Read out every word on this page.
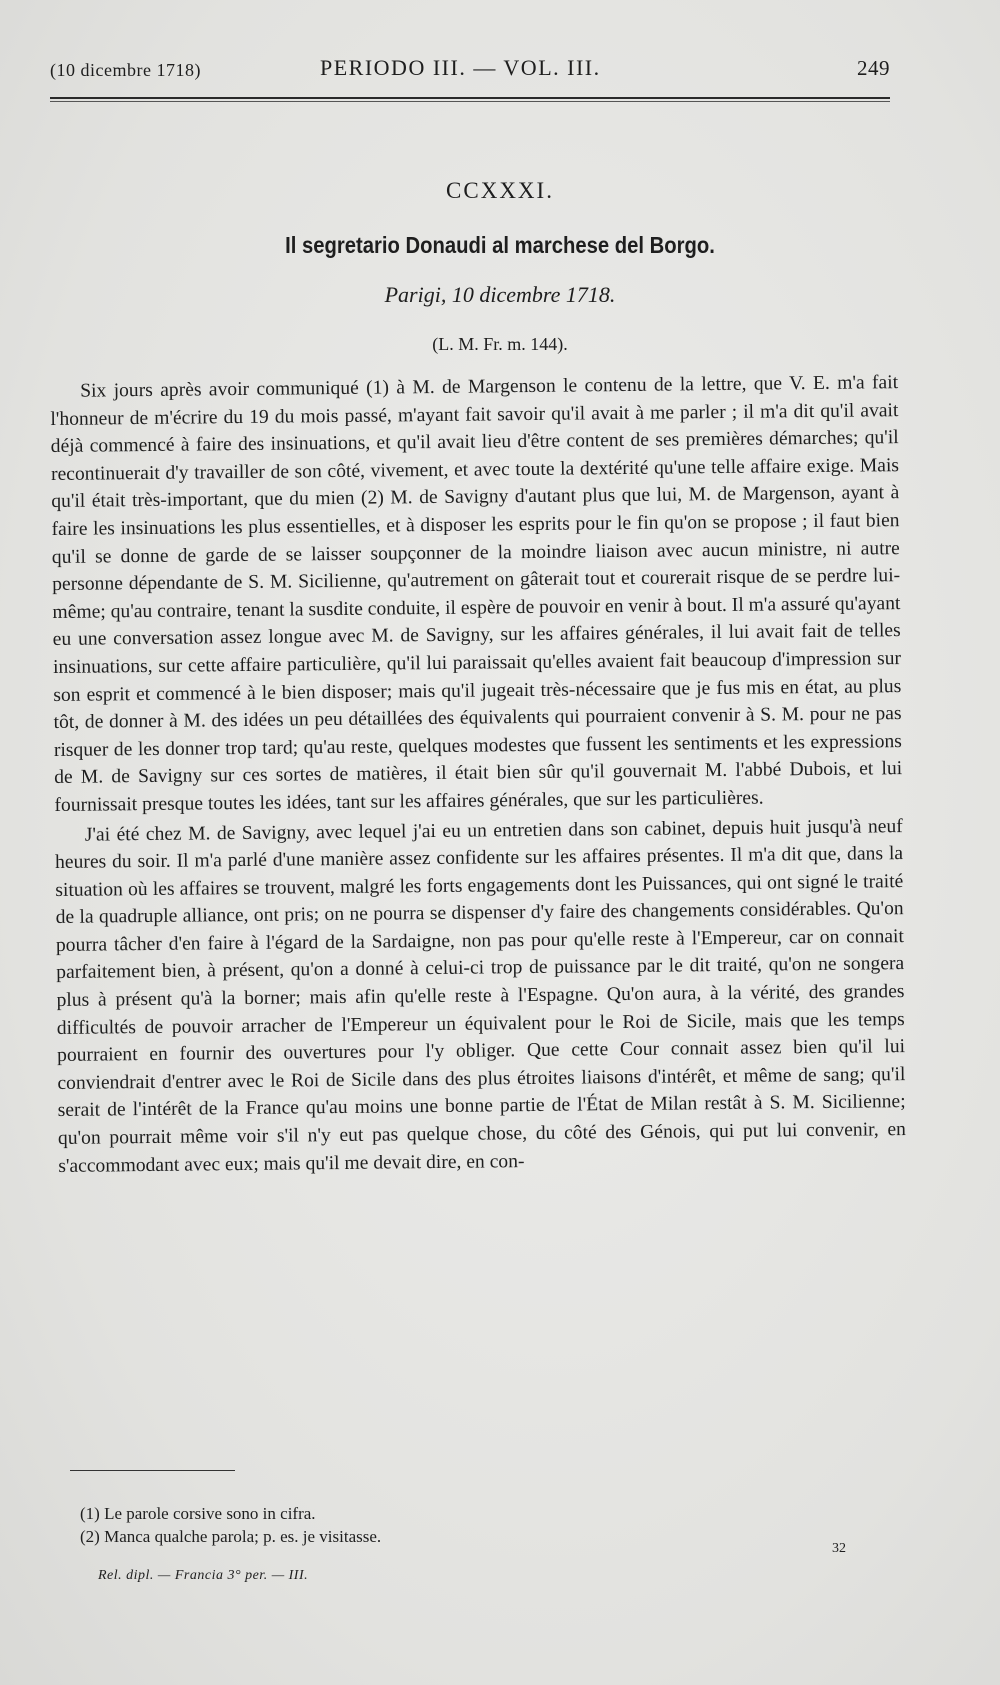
(10 dicembre 1718)	PERIODO III. — VOL. III.	249
CCXXXI.
Il segretario Donaudi al marchese del Borgo.
Parigi, 10 dicembre 1718.
(L. M. Fr. m. 144).

Six jours après avoir communiqué (1) à M. de Margenson le contenu de la lettre, que V. E. m'a fait l'honneur de m'écrire du 19 du mois passé, m'ayant fait savoir qu'il avait à me parler ; il m'a dit qu'il avait déjà commencé à faire des insinuations, et qu'il avait lieu d'être content de ses premières démarches; qu'il recontinuerait d'y travailler de son côté, vivement, et avec toute la dextérité qu'une telle affaire exige. Mais qu'il était très-important, que du mien (2) M. de Savigny d'autant plus que lui, M. de Margenson, ayant à faire les insinuations les plus essentielles, et à disposer les esprits pour le fin qu'on se propose ; il faut bien qu'il se donne de garde de se laisser soupçonner de la moindre liaison avec aucun ministre, ni autre personne dépendante de S. M. Sicilienne, qu'autrement on gâterait tout et courerait risque de se perdre lui-même; qu'au contraire, tenant la susdite conduite, il espère de pouvoir en venir à bout. Il m'a assuré qu'ayant eu une conversation assez longue avec M. de Savigny, sur les affaires générales, il lui avait fait de telles insinuations, sur cette affaire particulière, qu'il lui paraissait qu'elles avaient fait beaucoup d'impression sur son esprit et commencé à le bien disposer; mais qu'il jugeait très-nécessaire que je fus mis en état, au plus tôt, de donner à M. des idées un peu détaillées des équivalents qui pourraient convenir à S. M. pour ne pas risquer de les donner trop tard; qu'au reste, quelques modestes que fussent les sentiments et les expressions de M. de Savigny sur ces sortes de matières, il était bien sûr qu'il gouvernait M. l'abbé Dubois, et lui fournissait presque toutes les idées, tant sur les affaires générales, que sur les particulières.

J'ai été chez M. de Savigny, avec lequel j'ai eu un entretien dans son cabinet, depuis huit jusqu'à neuf heures du soir. Il m'a parlé d'une manière assez confidente sur les affaires présentes. Il m'a dit que, dans la situation où les affaires se trouvent, malgré les forts engagements dont les Puissances, qui ont signé le traité de la quadruple alliance, ont pris; on ne pourra se dispenser d'y faire des changements considérables. Qu'on pourra tâcher d'en faire à l'égard de la Sardaigne, non pas pour qu'elle reste à l'Empereur, car on connait parfaitement bien, à présent, qu'on a donné à celui-ci trop de puissance par le dit traité, qu'on ne songera plus à présent qu'à la borner; mais afin qu'elle reste à l'Espagne. Qu'on aura, à la vérité, des grandes difficultés de pouvoir arracher de l'Empereur un équivalent pour le Roi de Sicile, mais que les temps pourraient en fournir des ouvertures pour l'y obliger. Que cette Cour connait assez bien qu'il lui conviendrait d'entrer avec le Roi de Sicile dans des plus étroites liaisons d'intérêt, et même de sang; qu'il serait de l'intérêt de la France qu'au moins une bonne partie de l'État de Milan restât à S. M. Sicilienne; qu'on pourrait même voir s'il n'y eut pas quelque chose, du côté des Génois, qui put lui convenir, en s'accommodant avec eux; mais qu'il me devait dire, en con-

(1) Le parole corsive sono in cifra.
(2) Manca qualche parola; p. es. je visitasse.
32
Rel. dipl. — Francia 3° per. — III.
